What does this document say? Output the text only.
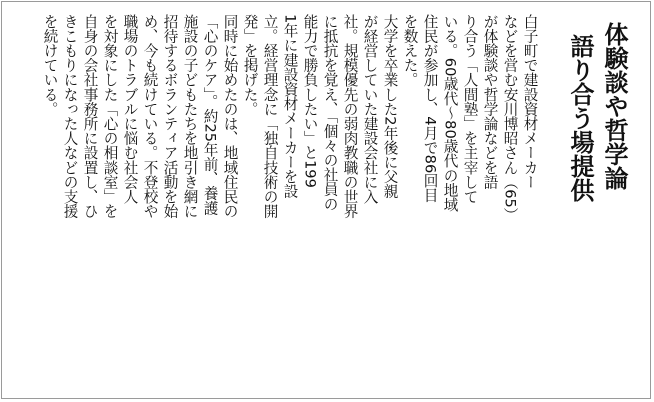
体験談や哲学論
語り合う場提供
白子町で建設資材メーカー
などを営む安川博昭さん（65）
が体験談や哲学論などを語
り合う「人間塾」を主宰して
いる。60歳代～80歳代の地域
住民が参加し、4月で86回目
を数えた。
大学を卒業した2年後に父親
が経営していた建設会社に入
社。規模優先の弱肉教職の世界
に抵抗を覚え、「個々の社員の
能力で勝負したい」と199
1年に建設資材メーカーを設
立。経営理念に「独自技術の開
発」を掲げた。
同時に始めたのは、地域住民の
「心のケア」。約25年前、養護
施設の子どもたちを地引き網に
招待するボランティア活動を始
め、今も続けている。不登校や
職場のトラブルに悩む社会人
を対象にした「心の相談室」を
自身の会社事務所に設置し、ひ
きこもりになった人などの支援
を続けている。
